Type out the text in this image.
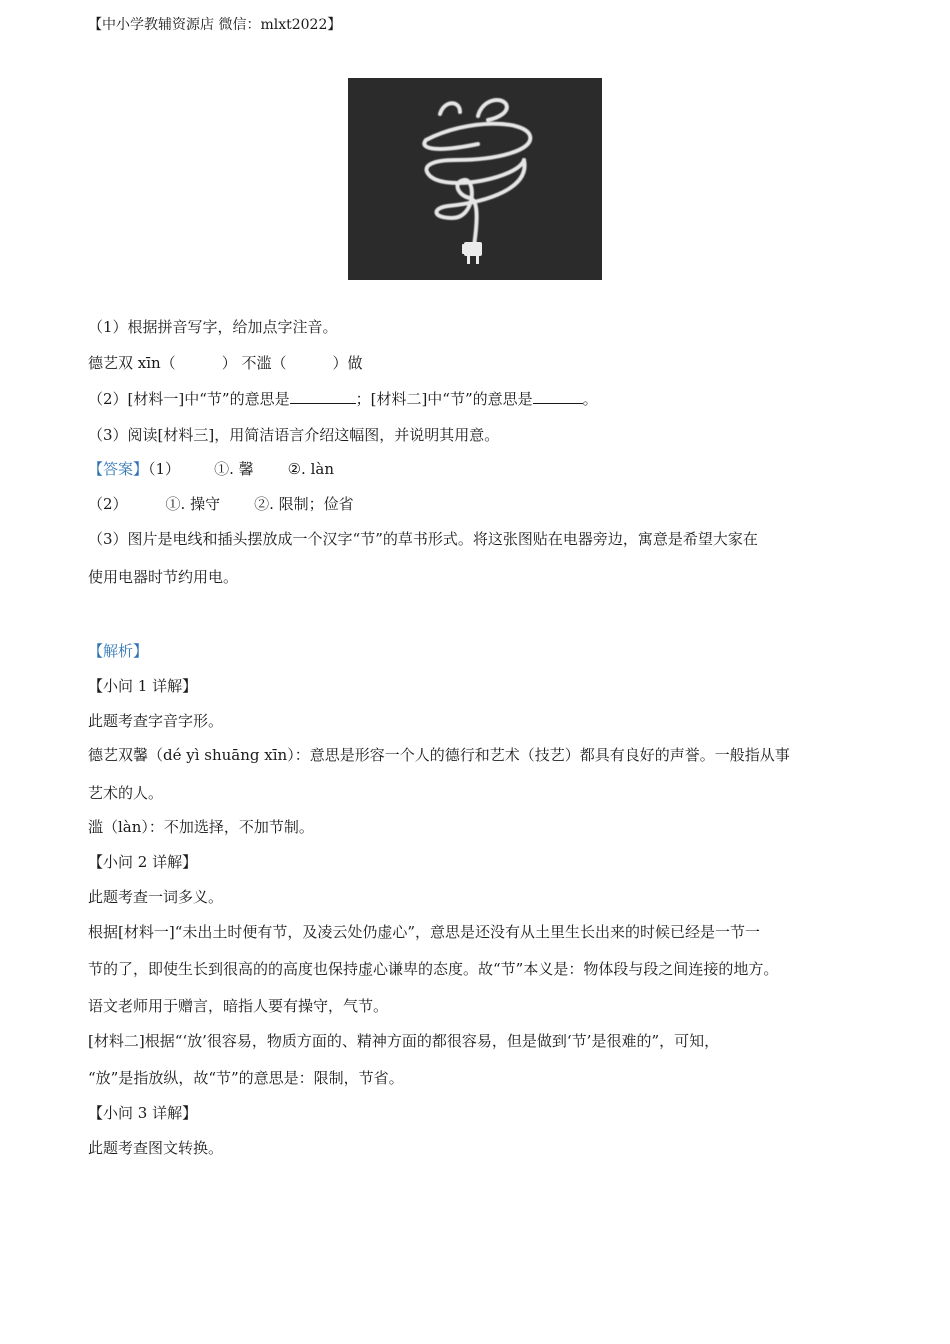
【中小学教辅资源店 微信：mlxt2022】
（1）根据拼音写字，给加点字注音。
德艺双 xīn（	） 不滥（	）做
（2）[材料一]中“节”的意思是	；[材料二]中“节”的意思是	。
（3）阅读[材料三]，用简洁语言介绍这幅图，并说明其用意。
【答案】（1） ①. 馨 ②. làn
（2）	①. 操守 ②. 限制；俭省
（3）图片是电线和插头摆放成一个汉字“节”的草书形式。将这张图贴在电器旁边，寓意是希望大家在
使用电器时节约用电。
【解析】
【小问 1 详解】
此题考查字音字形。
德艺双馨（dé yì shuāng xīn）：意思是形容一个人的德行和艺术（技艺）都具有良好的声誉。一般指从事
艺术的人。
滥（làn）：不加选择，不加节制。
【小问 2 详解】
此题考查一词多义。
根据[材料一]“未出土时便有节，及凌云处仍虚心”，意思是还没有从土里生长出来的时候已经是一节一
节的了，即使生长到很高的的高度也保持虚心谦卑的态度。故“节”本义是：物体段与段之间连接的地方。
语文老师用于赠言，暗指人要有操守，气节。
[材料二]根据“‘放’很容易，物质方面的、精神方面的都很容易，但是做到‘节’是很难的”，可知，
“放”是指放纵，故“节”的意思是：限制，节省。
【小问 3 详解】
此题考查图文转换。
